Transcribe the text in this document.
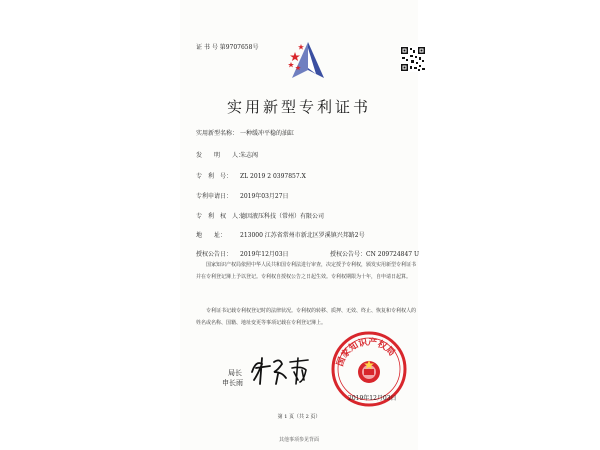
证 书 号 第9707658号
实用新型专利证书
实用新型名称： 一种缓冲平稳的油缸
发　　明　　人：朱志闯
专　利　号： ZL 2019 2 0397857.X
专利申请日： 2019年03月27日
专　利　权　人：德因液压科技（常州）有限公司
地　　址： 213000 江苏省常州市新北区罗溪镇兴邦路2号
授权公告日： 2019年12月03日	授权公告号：CN 209724847 U
国家知识产权局依照中华人民共和国专利法进行审查，决定授予专利权，颁发实用新型专利证书并在专利登记簿上予以登记。专利权自授权公告之日起生效。专利权期限为十年，自申请日起算。
专利证书记载专利权登记时的法律状况。专利权的转移、质押、无效、终止、恢复和专利权人的姓名或名称、国籍、地址变更等事项记载在专利登记簿上。
局长
申长雨
国家知识产权局
2019年12月03日
第 1 页（共 2 页）
其他事项参见背面
